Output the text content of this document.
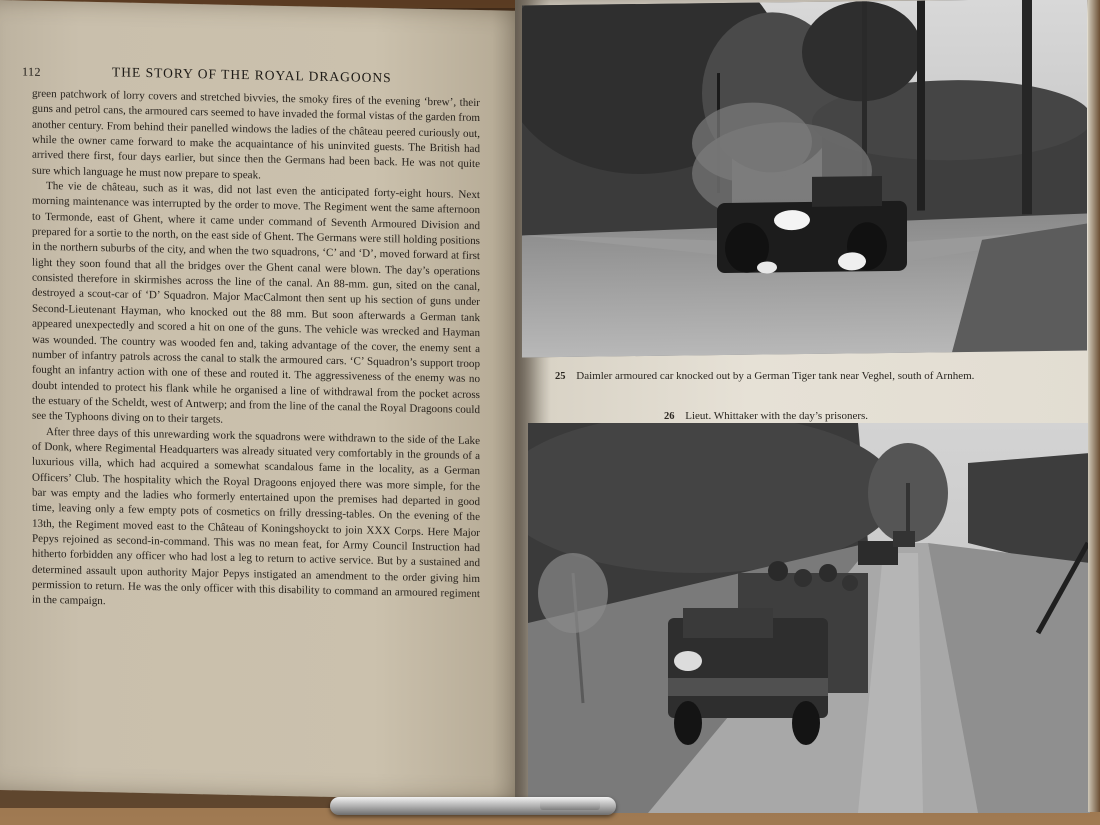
112	THE STORY OF THE ROYAL DRAGOONS

green patchwork of lorry covers and stretched bivvies, the smoky fires of the evening ‘brew’, their guns and petrol cans, the armoured cars seemed to have invaded the formal vistas of the garden from another century. From behind their panelled windows the ladies of the château peered curiously out, while the owner came forward to make the acquaintance of his uninvited guests. The British had arrived there first, four days earlier, but since then the Germans had been back. He was not quite sure which language he must now prepare to speak.

The vie de château, such as it was, did not last even the anticipated forty-eight hours. Next morning maintenance was interrupted by the order to move. The Regiment went the same afternoon to Termonde, east of Ghent, where it came under command of Seventh Armoured Division and prepared for a sortie to the north, on the east side of Ghent. The Germans were still holding positions in the northern suburbs of the city, and when the two squadrons, ‘C’ and ‘D’, moved forward at first light they soon found that all the bridges over the Ghent canal were blown. The day’s operations consisted therefore in skirmishes across the line of the canal. An 88-mm. gun, sited on the canal, destroyed a scout-car of ‘D’ Squadron. Major MacCalmont then sent up his section of guns under Second-Lieutenant Hayman, who knocked out the 88 mm. But soon afterwards a German tank appeared unexpectedly and scored a hit on one of the guns. The vehicle was wrecked and Hayman was wounded. The country was wooded fen and, taking advantage of the cover, the enemy sent a number of infantry patrols across the canal to stalk the armoured cars. ‘C’ Squadron’s support troop fought an infantry action with one of these and routed it. The aggressiveness of the enemy was no doubt intended to protect his flank while he organised a line of withdrawal from the pocket across the estuary of the Scheldt, west of Antwerp; and from the line of the canal the Royal Dragoons could see the Typhoons diving on to their targets.

After three days of this unrewarding work the squadrons were withdrawn to the side of the Lake of Donk, where Regimental Headquarters was already situated very comfortably in the grounds of a luxurious villa, which had acquired a somewhat scandalous fame in the locality, as a German Officers’ Club. The hospitality which the Royal Dragoons enjoyed there was more simple, for the bar was empty and the ladies who formerly entertained upon the premises had departed in good time, leaving only a few empty pots of cosmetics on frilly dressing-tables. On the evening of the 13th, the Regiment moved east to the Château of Koningshoyckt to join XXX Corps. Here Major Pepys rejoined as second-in-command. This was no mean feat, for Army Council Instruction had hitherto forbidden any officer who had lost a leg to return to active service. But by a sustained and determined assault upon authority Major Pepys instigated an amendment to the order giving him permission to return. He was the only officer with this disability to command an armoured regiment in the campaign.

25 Daimler armoured car knocked out by a German Tiger tank near Veghel, south of Arnhem.
26 Lieut. Whittaker with the day’s prisoners.
